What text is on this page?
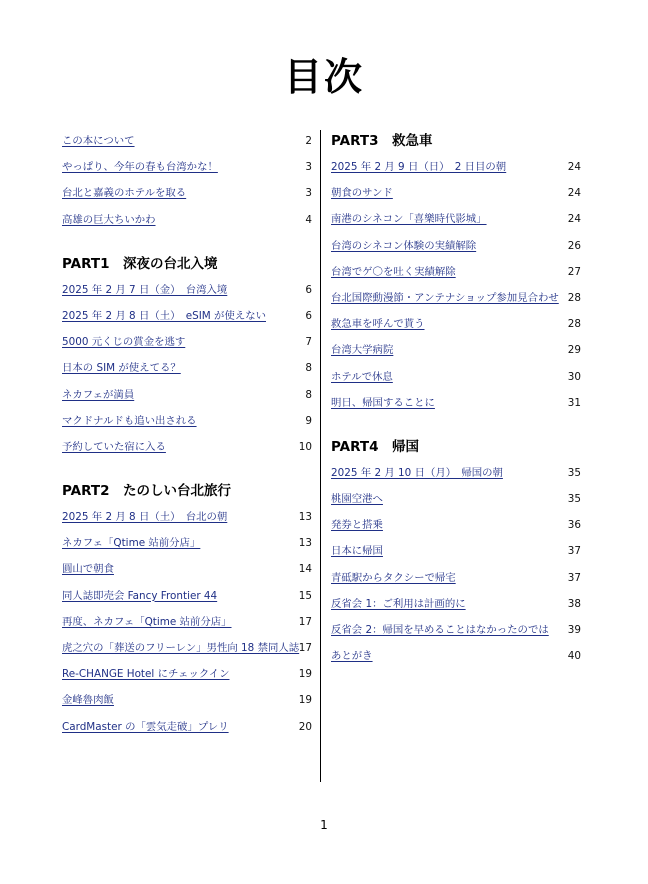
目次
この本について	2
やっぱり、今年の春も台湾かな！	3
台北と嘉義のホテルを取る	3
高雄の巨大ちいかわ	4
PART1　深夜の台北入境
2025 年 2 月 7 日（金）　台湾入境	6
2025 年 2 月 8 日（土）　eSIM が使えない	6
5000 元くじの賞金を逃す	7
日本の SIM が使えてる？	8
ネカフェが満員	8
マクドナルドも追い出される	9
予約していた宿に入る	10
PART2　たのしい台北旅行
2025 年 2 月 8 日（土）　台北の朝	13
ネカフェ「Qtime 站前分店」	13
圓山で朝食	14
同人誌即売会 Fancy Frontier 44	15
再度、ネカフェ「Qtime 站前分店」	17
虎之穴の「葬送のフリーレン」男性向 18 禁同人誌 17
Re-CHANGE Hotel にチェックイン	19
金峰魯肉飯	19
CardMaster の「雲気走破」プレリ	20
PART3　救急車
2025 年 2 月 9 日（日）　2 日目の朝	24
朝食のサンド	24
南港のシネコン「喜樂時代影城」	24
台湾のシネコン体験の実績解除	26
台湾でゲ〇を吐く実績解除	27
台北国際動漫節・アンテナショップ参加見合わせ 28
救急車を呼んで貰う	28
台湾大学病院	29
ホテルで休息	30
明日、帰国することに	31
PART4　帰国
2025 年 2 月 10 日（月）　帰国の朝	35
桃園空港へ	35
発券と搭乗	36
日本に帰国	37
青砥駅からタクシーで帰宅	37
反省会 1：ご利用は計画的に	38
反省会 2：帰国を早めることはなかったのでは 39
あとがき	40
1
